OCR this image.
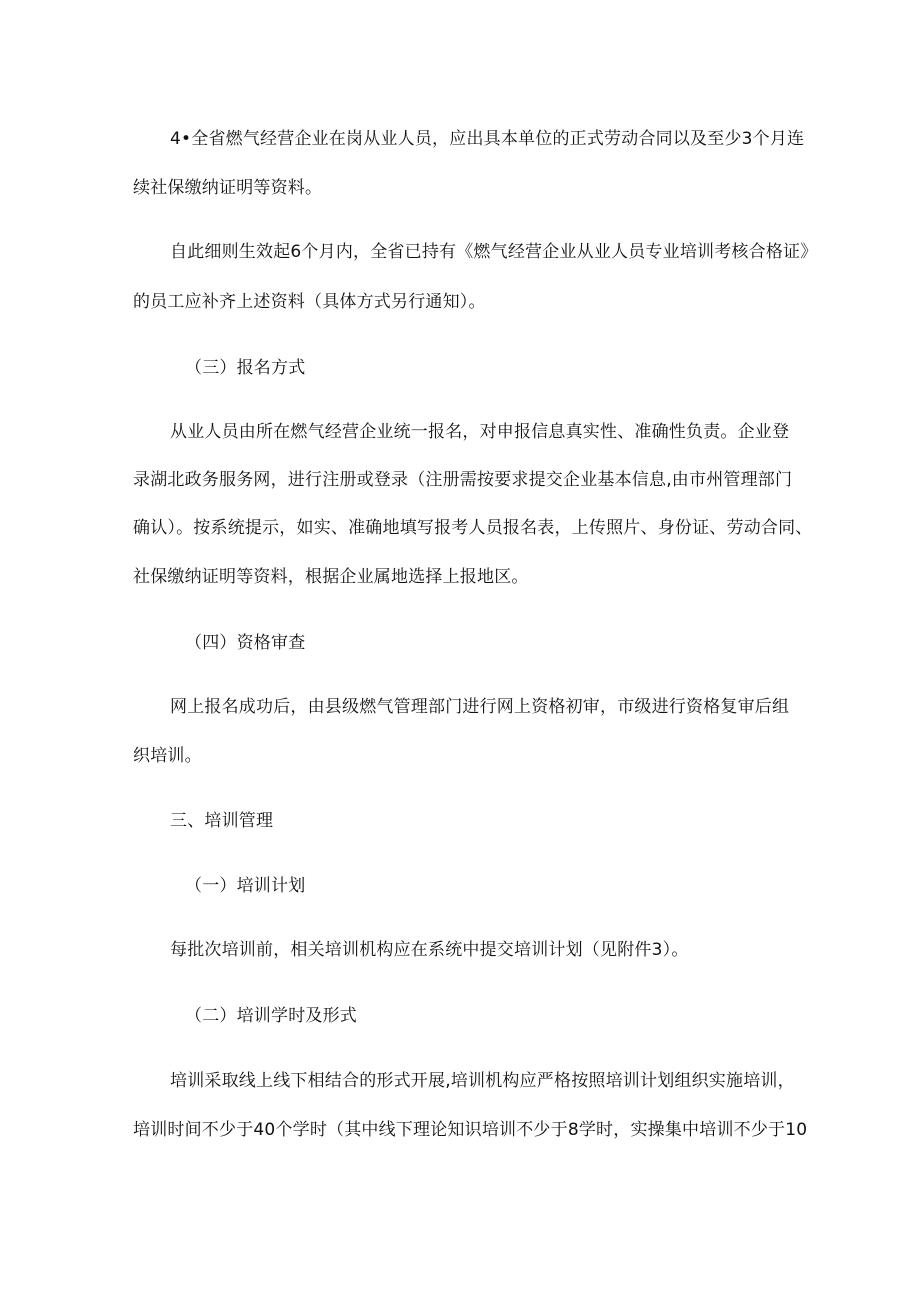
4•全省燃气经营企业在岗从业人员，应出具本单位的正式劳动合同以及至少3个月连
续社保缴纳证明等资料。
自此细则生效起6个月内，全省已持有《燃气经营企业从业人员专业培训考核合格证》
的员工应补齐上述资料（具体方式另行通知）。
（三）报名方式
从业人员由所在燃气经营企业统一报名，对申报信息真实性、准确性负责。企业登
录湖北政务服务网，进行注册或登录（注册需按要求提交企业基本信息,由市州管理部门
确认）。按系统提示，如实、准确地填写报考人员报名表，上传照片、身份证、劳动合同、
社保缴纳证明等资料，根据企业属地选择上报地区。
（四）资格审查
网上报名成功后，由县级燃气管理部门进行网上资格初审，市级进行资格复审后组
织培训。
三、培训管理
（一）培训计划
每批次培训前，相关培训机构应在系统中提交培训计划（见附件3）。
（二）培训学时及形式
培训采取线上线下相结合的形式开展,培训机构应严格按照培训计划组织实施培训，
培训时间不少于40个学时（其中线下理论知识培训不少于8学时，实操集中培训不少于10
